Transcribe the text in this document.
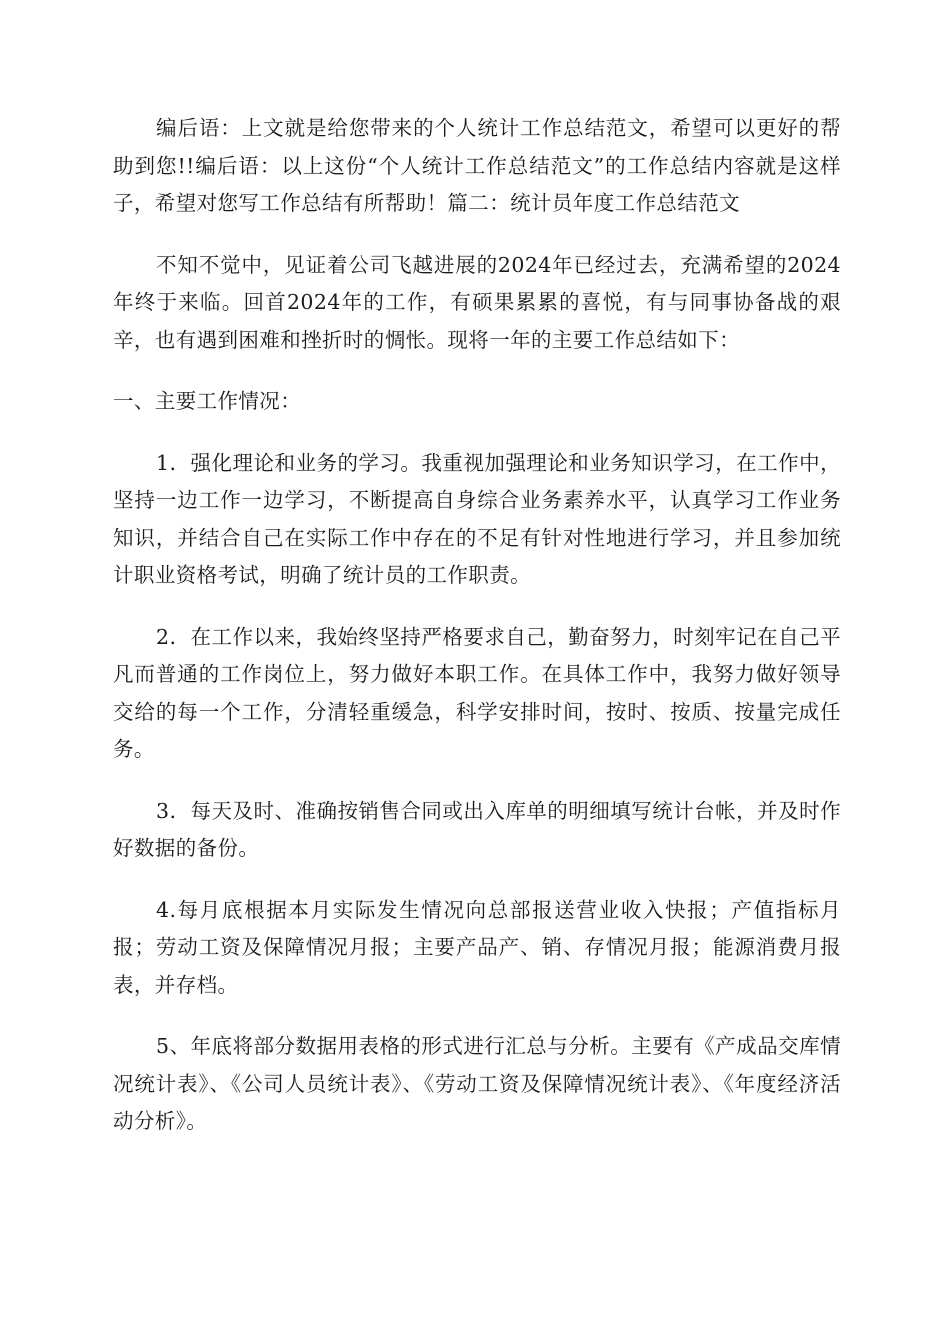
编后语：上文就是给您带来的个人统计工作总结范文，希望可以更好的帮助到您!!编后语：以上这份“个人统计工作总结范文”的工作总结内容就是这样子，希望对您写工作总结有所帮助！篇二：统计员年度工作总结范文

不知不觉中，见证着公司飞越进展的2024年已经过去，充满希望的2024年终于来临。回首2024年的工作，有硕果累累的喜悦，有与同事协备战的艰辛，也有遇到困难和挫折时的惆怅。现将一年的主要工作总结如下：

一、主要工作情况：

1．强化理论和业务的学习。我重视加强理论和业务知识学习，在工作中，坚持一边工作一边学习，不断提高自身综合业务素养水平，认真学习工作业务知识，并结合自己在实际工作中存在的不足有针对性地进行学习，并且参加统计职业资格考试，明确了统计员的工作职责。

2．在工作以来，我始终坚持严格要求自己，勤奋努力，时刻牢记在自己平凡而普通的工作岗位上，努力做好本职工作。在具体工作中，我努力做好领导交给的每一个工作，分清轻重缓急，科学安排时间，按时、按质、按量完成任务。

3．每天及时、准确按销售合同或出入库单的明细填写统计台帐，并及时作好数据的备份。

4.每月底根据本月实际发生情况向总部报送营业收入快报；产值指标月报；劳动工资及保障情况月报；主要产品产、销、存情况月报；能源消费月报表，并存档。

5、年底将部分数据用表格的形式进行汇总与分析。主要有《产成品交库情况统计表》、《公司人员统计表》、《劳动工资及保障情况统计表》、《年度经济活动分析》。
